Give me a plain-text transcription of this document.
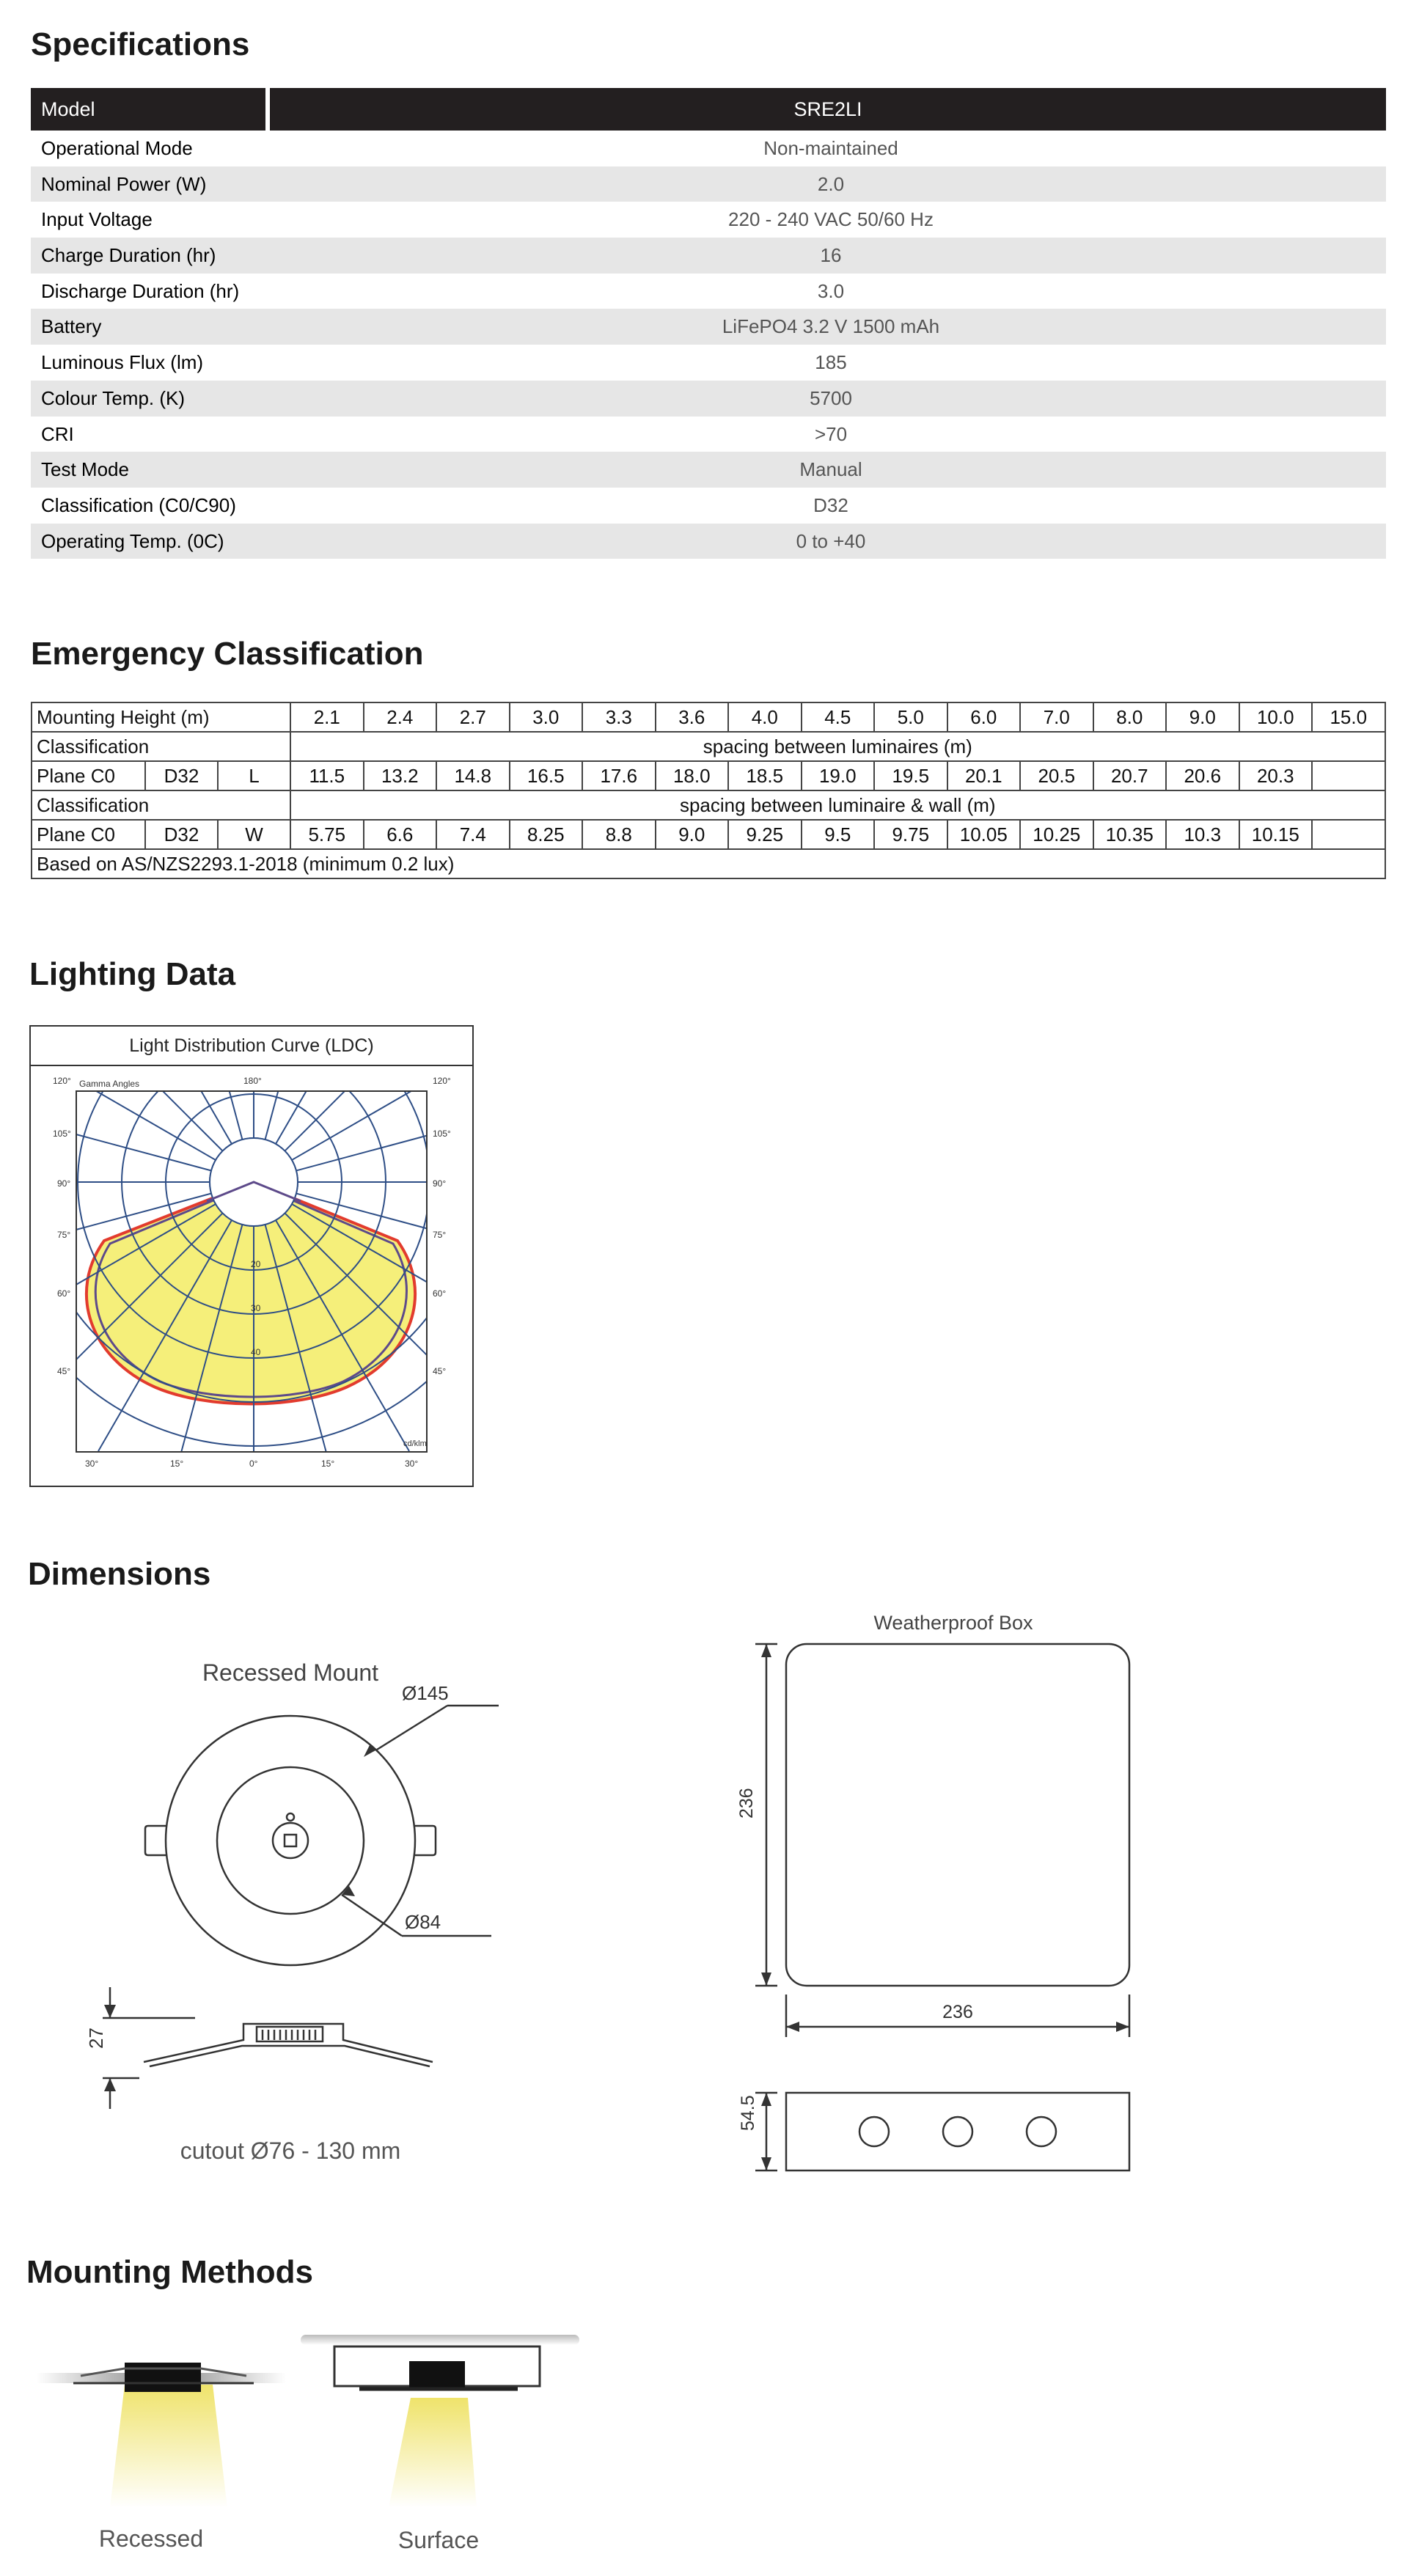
Specifications
Model	SRE2LI
Operational Mode	Non-maintained
Nominal Power (W)	2.0
Input Voltage	220 - 240 VAC 50/60 Hz
Charge Duration (hr)	16
Discharge Duration (hr)	3.0
Battery	LiFePO4 3.2 V 1500 mAh
Luminous Flux (lm)	185
Colour Temp. (K)	5700
CRI	>70
Test Mode	Manual
Classification (C0/C90)	D32
Operating Temp. (0C)	0 to +40
Emergency Classification
Mounting Height (m)			2.1	2.4	2.7	3.0	3.3	3.6	4.0	4.5	5.0	6.0	7.0	8.0	9.0	10.0	15.0
Classification			spacing between luminaires (m)														
Plane C0	D32	L	11.5	13.2	14.8	16.5	17.6	18.0	18.5	19.0	19.5	20.1	20.5	20.7	20.6	20.3	
Classification			spacing between luminaire & wall (m)														
Plane C0	D32	W	5.75	6.6	7.4	8.25	8.8	9.0	9.25	9.5	9.75	10.05	10.25	10.35	10.3	10.15	
Based on AS/NZS2293.1-2018 (minimum 0.2 lux)																	
Lighting Data
Light Distribution Curve (LDC)
120° Gamma Angles	180°	120°
105°	105°
90°	90°
75°	75°
60°	60°
45°	45°
20
30
40
cd/klm
30°	15°	0°	15°	30°
Dimensions
Recessed Mount
Ø145
Ø84
27
cutout Ø76 - 130 mm
Weatherproof Box
236
236
54.5
Mounting Methods
Recessed	Surface
